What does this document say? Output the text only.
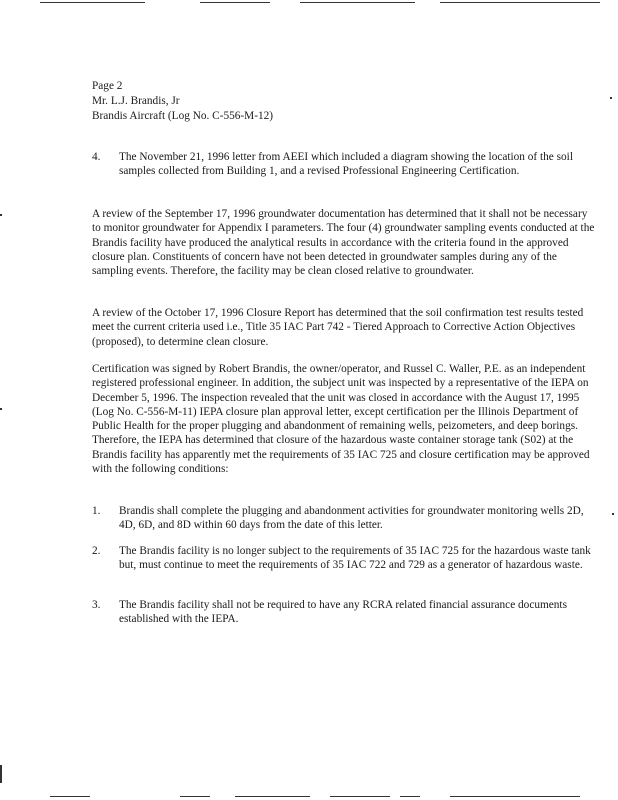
Page 2
Mr. L.J. Brandis, Jr
Brandis Aircraft (Log No. C-556-M-12)
4.	The November 21, 1996 letter from AEEI which included a diagram showing the location of the soil samples collected from Building 1, and a revised Professional Engineering Certification.

A review of the September 17, 1996 groundwater documentation has determined that it shall not be necessary to monitor groundwater for Appendix I parameters. The four (4) groundwater sampling events conducted at the Brandis facility have produced the analytical results in accordance with the criteria found in the approved closure plan. Constituents of concern have not been detected in groundwater samples during any of the sampling events. Therefore, the facility may be clean closed relative to groundwater.

A review of the October 17, 1996 Closure Report has determined that the soil confirmation test results tested meet the current criteria used i.e., Title 35 IAC Part 742 - Tiered Approach to Corrective Action Objectives (proposed), to determine clean closure.

Certification was signed by Robert Brandis, the owner/operator, and Russel C. Waller, P.E. as an independent registered professional engineer. In addition, the subject unit was inspected by a representative of the IEPA on December 5, 1996. The inspection revealed that the unit was closed in accordance with the August 17, 1995 (Log No. C-556-M-11) IEPA closure plan approval letter, except certification per the Illinois Department of Public Health for the proper plugging and abandonment of remaining wells, peizometers, and deep borings. Therefore, the IEPA has determined that closure of the hazardous waste container storage tank (S02) at the Brandis facility has apparently met the requirements of 35 IAC 725 and closure certification may be approved with the following conditions:

1.	Brandis shall complete the plugging and abandonment activities for groundwater monitoring wells 2D, 4D, 6D, and 8D within 60 days from the date of this letter.
2.	The Brandis facility is no longer subject to the requirements of 35 IAC 725 for the hazardous waste tank but, must continue to meet the requirements of 35 IAC 722 and 729 as a generator of hazardous waste.
3.	The Brandis facility shall not be required to have any RCRA related financial assurance documents established with the IEPA.
